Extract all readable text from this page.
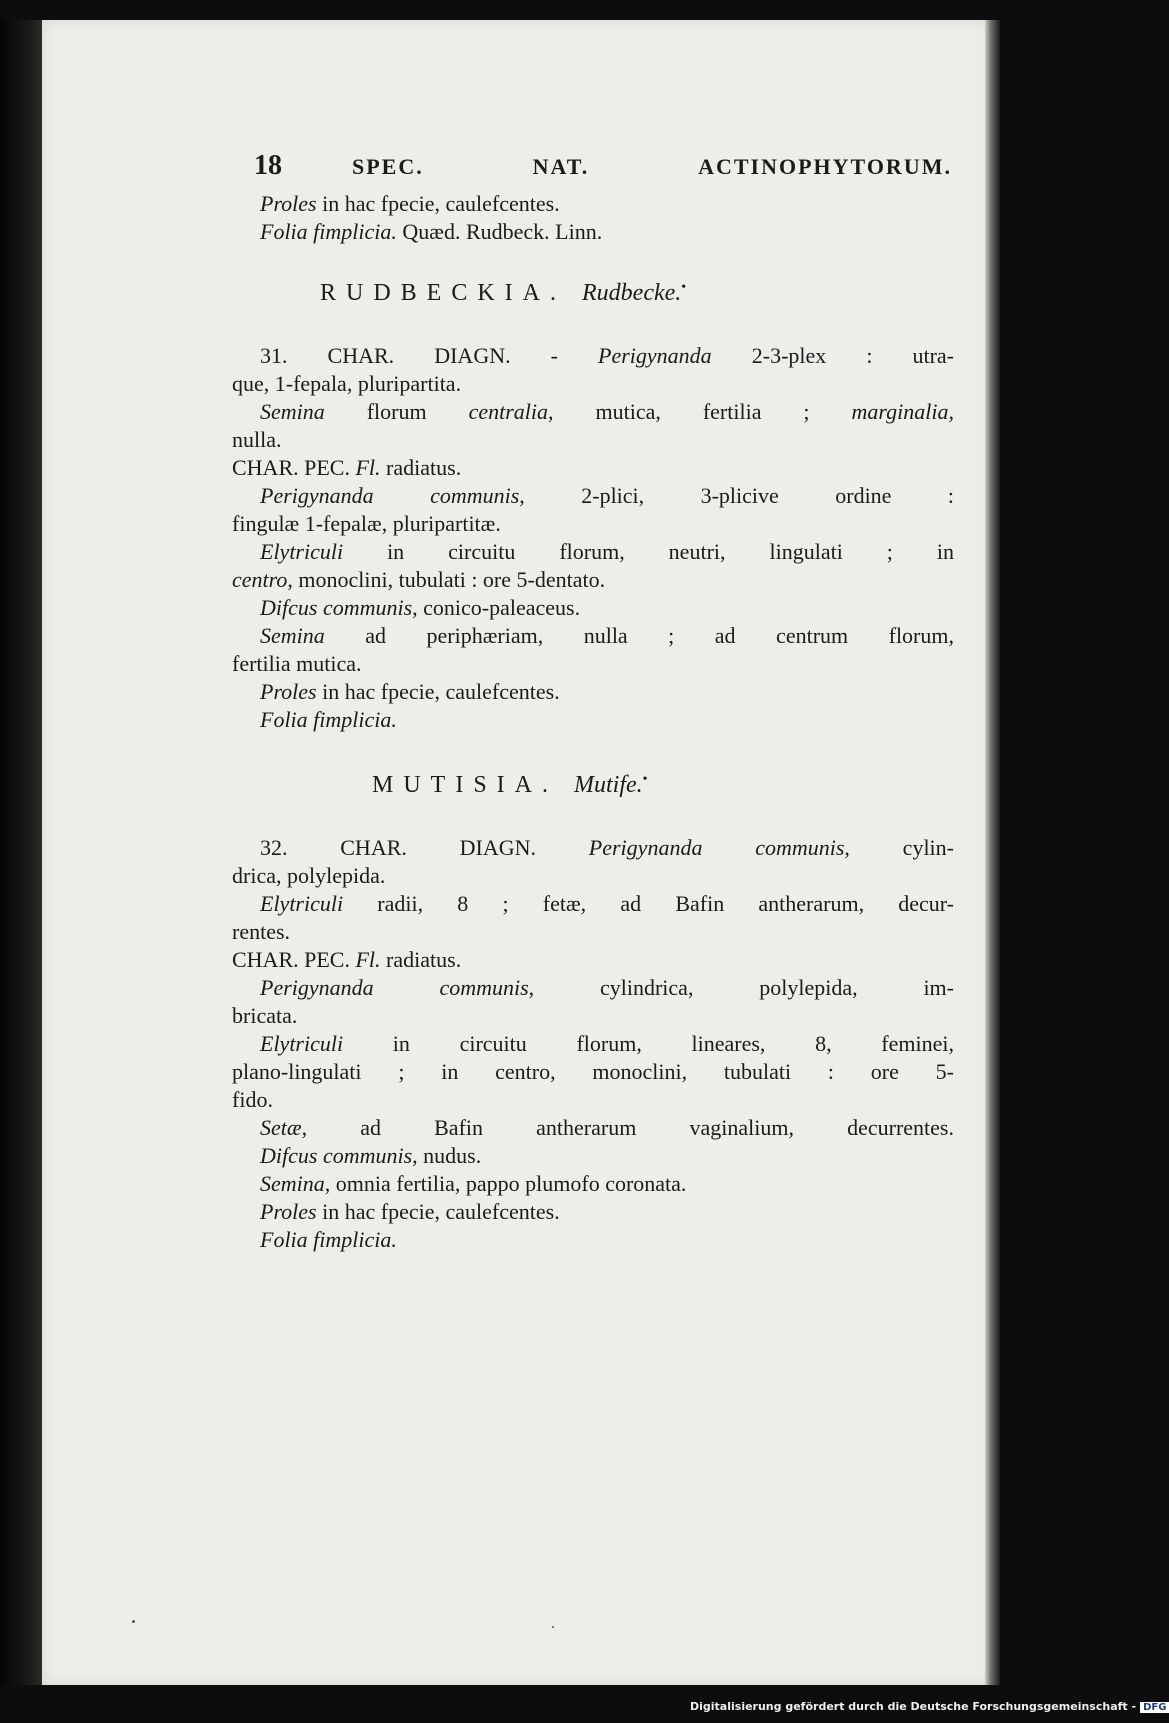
18	SPEC.	NAT.	ACTINOPHYTORUM.
Proles in hac fpecie, caulefcentes.
Folia fimplicia. Quæd. Rudbeck. Linn.
RUDBECKIA. Rudbecke.•
31. CHAR. DIAGN. - Perigynanda 2-3-plex : utra-
que, 1-fepala, pluripartita.
Semina florum centralia, mutica, fertilia ; marginalia,
nulla.
CHAR. PEC. Fl. radiatus.
Perigynanda communis, 2-plici, 3-plicive ordine :
fingulæ 1-fepalæ, pluripartitæ.
Elytriculi in circuitu florum, neutri, lingulati ; in
centro, monoclini, tubulati : ore 5-dentato.
Difcus communis, conico-paleaceus.
Semina ad periphæriam, nulla ; ad centrum florum,
fertilia mutica.
Proles in hac fpecie, caulefcentes.
Folia fimplicia.
MUTISIA. Mutife.•
32. CHAR. DIAGN. Perigynanda communis, cylin-
drica, polylepida.
Elytriculi radii, 8 ; fetæ, ad Bafin antherarum, decur-
rentes.
CHAR. PEC. Fl. radiatus.
Perigynanda communis, cylindrica, polylepida, im-
bricata.
Elytriculi in circuitu florum, lineares, 8, feminei,
plano-lingulati ; in centro, monoclini, tubulati : ore 5-
fido.
Setæ, ad Bafin antherarum vaginalium, decurrentes.
Difcus communis, nudus.
Semina, omnia fertilia, pappo plumofo coronata.
Proles in hac fpecie, caulefcentes.
Folia fimplicia.
Digitalisierung gefördert durch die Deutsche Forschungsgemeinschaft - DFG
